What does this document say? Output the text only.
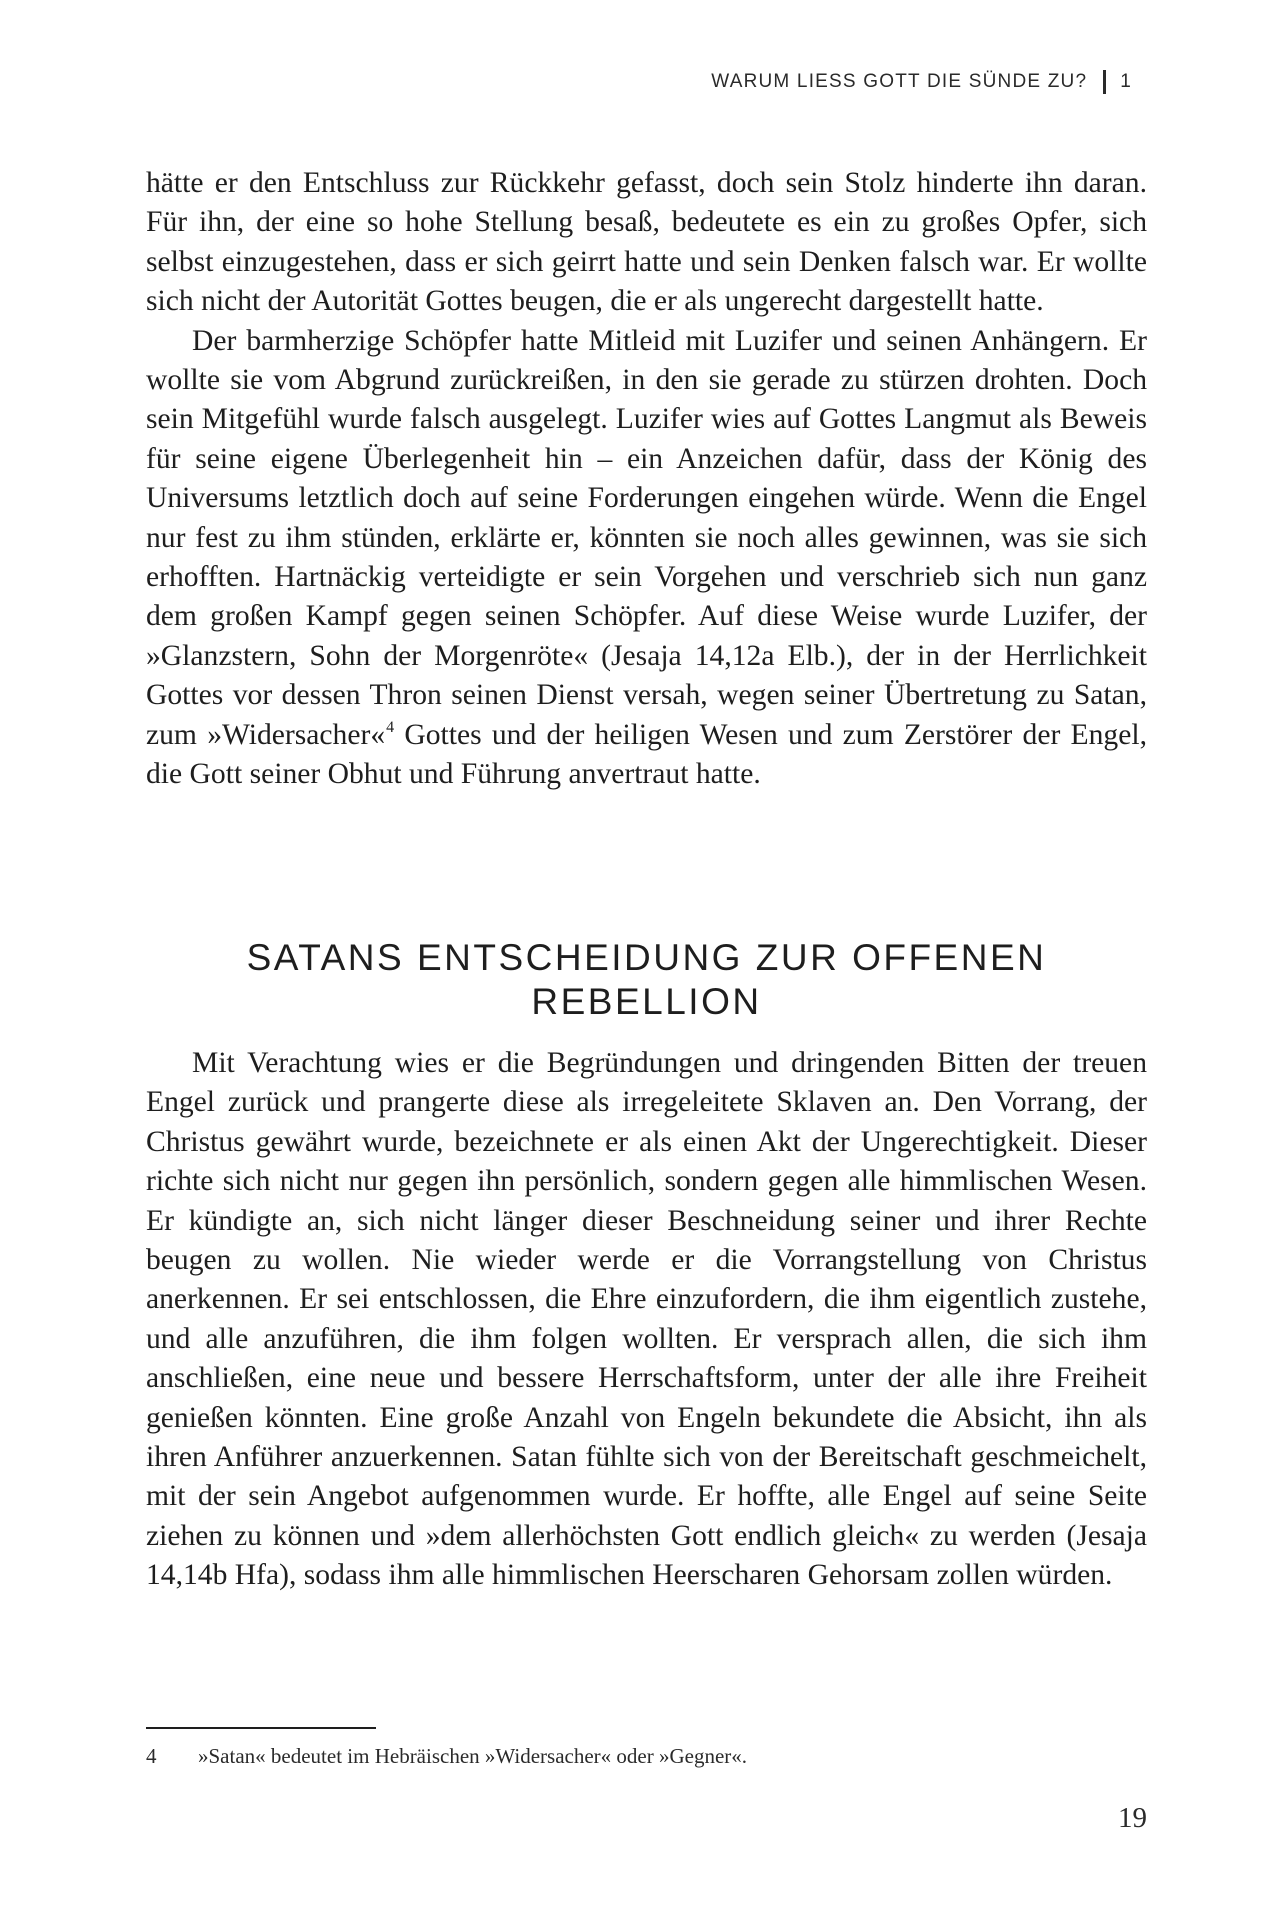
WARUM LIESS GOTT DIE SÜNDE ZU? 1

hätte er den Entschluss zur Rückkehr gefasst, doch sein Stolz hinderte ihn daran. Für ihn, der eine so hohe Stellung besaß, bedeutete es ein zu großes Opfer, sich selbst einzugestehen, dass er sich geirrt hatte und sein Denken falsch war. Er wollte sich nicht der Autorität Gottes beugen, die er als ungerecht dargestellt hatte.

Der barmherzige Schöpfer hatte Mitleid mit Luzifer und seinen Anhängern. Er wollte sie vom Abgrund zurückreißen, in den sie gerade zu stürzen drohten. Doch sein Mitgefühl wurde falsch ausgelegt. Luzifer wies auf Gottes Langmut als Beweis für seine eigene Überlegenheit hin – ein Anzeichen dafür, dass der König des Universums letztlich doch auf seine Forderungen eingehen würde. Wenn die Engel nur fest zu ihm stünden, erklärte er, könnten sie noch alles gewinnen, was sie sich erhofften. Hartnäckig verteidigte er sein Vorgehen und verschrieb sich nun ganz dem großen Kampf gegen seinen Schöpfer. Auf diese Weise wurde Luzifer, der »Glanzstern, Sohn der Morgenröte« (Jesaja 14,12a Elb.), der in der Herrlichkeit Gottes vor dessen Thron seinen Dienst versah, wegen seiner Übertretung zu Satan, zum »Widersacher«$^4$ Gottes und der heiligen Wesen und zum Zerstörer der Engel, die Gott seiner Obhut und Führung anvertraut hatte.

SATANS ENTSCHEIDUNG ZUR OFFENEN
REBELLION

Mit Verachtung wies er die Begründungen und dringenden Bitten der treuen Engel zurück und prangerte diese als irregeleitete Sklaven an. Den Vorrang, der Christus gewährt wurde, bezeichnete er als einen Akt der Ungerechtigkeit. Dieser richte sich nicht nur gegen ihn persönlich, sondern gegen alle himmlischen Wesen. Er kündigte an, sich nicht länger dieser Beschneidung seiner und ihrer Rechte beugen zu wollen. Nie wieder werde er die Vorrangstellung von Christus anerkennen. Er sei entschlossen, die Ehre einzufordern, die ihm eigentlich zustehe, und alle anzuführen, die ihm folgen wollten. Er versprach allen, die sich ihm anschließen, eine neue und bessere Herrschaftsform, unter der alle ihre Freiheit genießen könnten. Eine große Anzahl von Engeln bekundete die Absicht, ihn als ihren Anführer anzuerkennen. Satan fühlte sich von der Bereitschaft geschmeichelt, mit der sein Angebot aufgenommen wurde. Er hoffte, alle Engel auf seine Seite ziehen zu können und »dem allerhöchsten Gott endlich gleich« zu werden (Jesaja 14,14b Hfa), sodass ihm alle himmlischen Heerscharen Gehorsam zollen würden.

4	»Satan« bedeutet im Hebräischen »Widersacher« oder »Gegner«.
19
